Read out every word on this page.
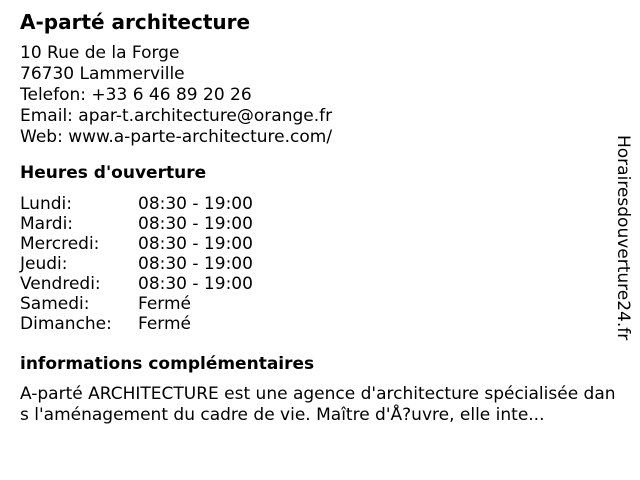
A-parté architecture
10 Rue de la Forge
76730 Lammerville
Telefon: +33 6 46 89 20 26
Email: apar-t.architecture@orange.fr
Web: www.a-parte-architecture.com/
Heures d'ouverture
Lundi:	08:30 - 19:00
Mardi:	08:30 - 19:00
Mercredi:	08:30 - 19:00
Jeudi:	08:30 - 19:00
Vendredi:	08:30 - 19:00
Samedi:	Fermé
Dimanche:	Fermé
informations complémentaires
A-parté ARCHITECTURE est une agence d'architecture spécialisée dans l'aménagement du cadre de vie. Maître d'Å?uvre, elle inte...
Horairesdouverture24.fr
